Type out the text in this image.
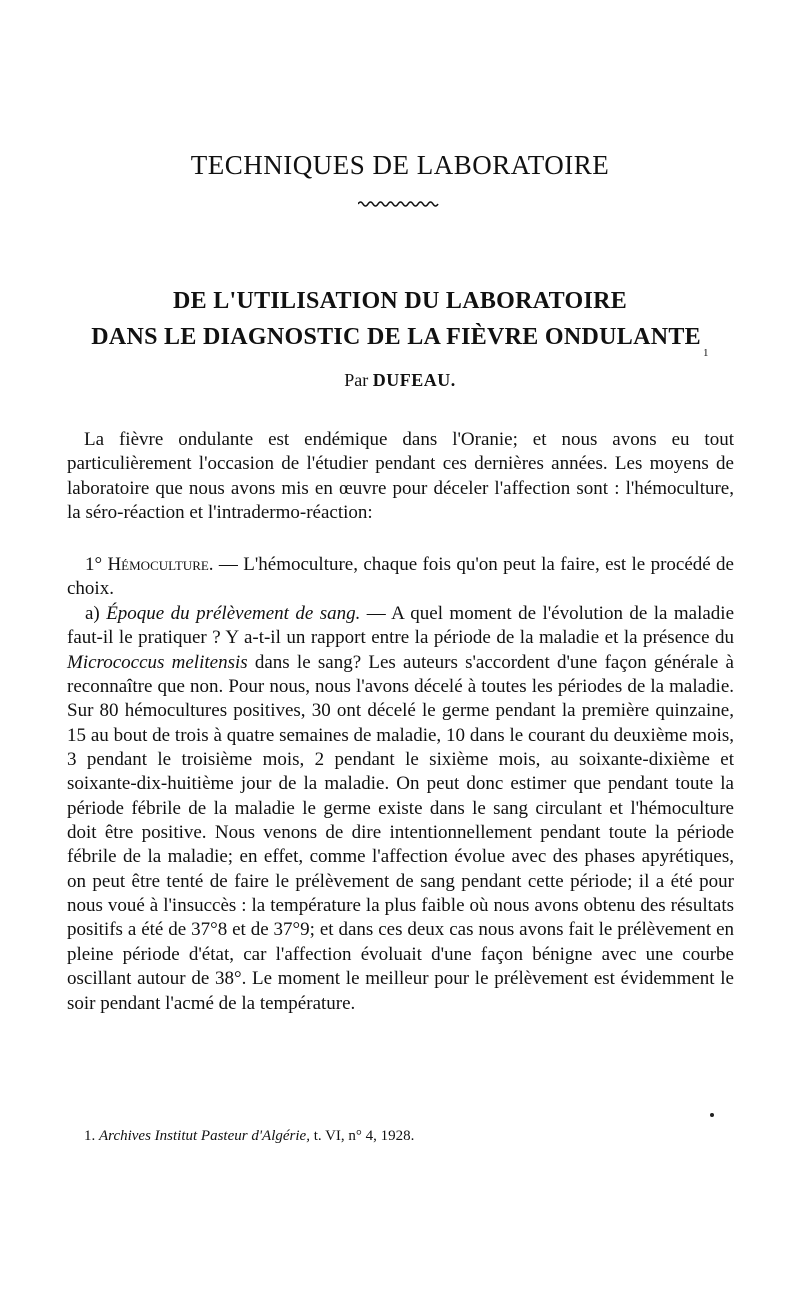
TECHNIQUES DE LABORATOIRE
DE L'UTILISATION DU LABORATOIRE
DANS LE DIAGNOSTIC DE LA FIÈVRE ONDULANTE$^1$
Par DUFEAU.

La fièvre ondulante est endémique dans l'Oranie; et nous avons eu tout particulièrement l'occasion de l'étudier pendant ces dernières années. Les moyens de laboratoire que nous avons mis en œuvre pour déceler l'affection sont : l'hémoculture, la séro-réaction et l'intradermo-réaction:

1° Hémoculture. — L'hémoculture, chaque fois qu'on peut la faire, est le procédé de choix.

a) Époque du prélèvement de sang. — A quel moment de l'évolution de la maladie faut-il le pratiquer ? Y a-t-il un rapport entre la période de la maladie et la présence du Micrococcus melitensis dans le sang? Les auteurs s'accordent d'une façon générale à reconnaître que non. Pour nous, nous l'avons décelé à toutes les périodes de la maladie. Sur 80 hémocultures positives, 30 ont décelé le germe pendant la première quinzaine, 15 au bout de trois à quatre semaines de maladie, 10 dans le courant du deuxième mois, 3 pendant le troisième mois, 2 pendant le sixième mois, au soixante-dixième et soixante-dix-huitième jour de la maladie. On peut donc estimer que pendant toute la période fébrile de la maladie le germe existe dans le sang circulant et l'hémoculture doit être positive. Nous venons de dire intentionnellement pendant toute la période fébrile de la maladie; en effet, comme l'affection évolue avec des phases apyrétiques, on peut être tenté de faire le prélèvement de sang pendant cette période; il a été pour nous voué à l'insuccès : la température la plus faible où nous avons obtenu des résultats positifs a été de 37°8 et de 37°9; et dans ces deux cas nous avons fait le prélèvement en pleine période d'état, car l'affection évoluait d'une façon bénigne avec une courbe oscillant autour de 38°. Le moment le meilleur pour le prélèvement est évidemment le soir pendant l'acmé de la température.

1. Archives Institut Pasteur d'Algérie, t. VI, n° 4, 1928.
